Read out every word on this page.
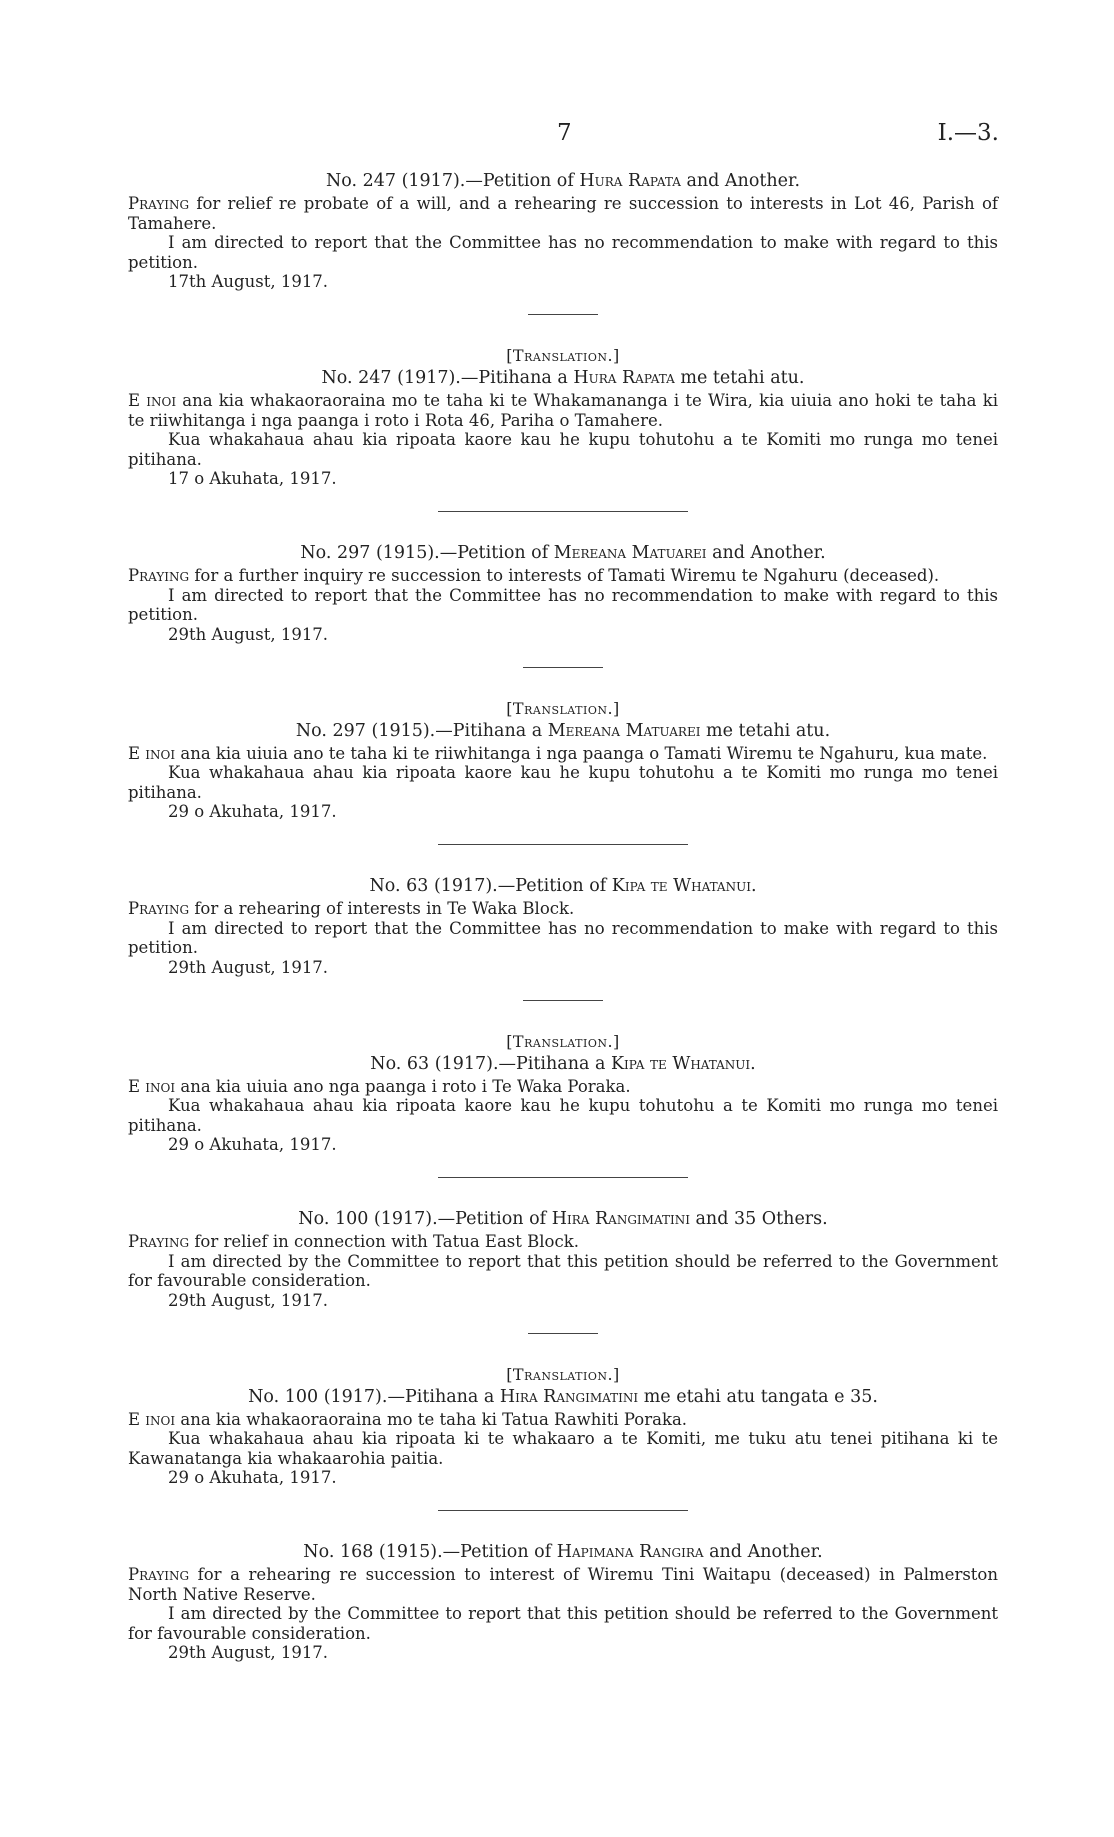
7	I.—3.

No. 247 (1917).—Petition of Hura Rapata and Another.

Praying for relief re probate of a will, and a rehearing re succession to interests in Lot 46, Parish of Tamahere.

I am directed to report that the Committee has no recommendation to make with regard to this petition.

17th August, 1917.

[Translation.]

No. 247 (1917).—Pitihana a Hura Rapata me tetahi atu.

E inoi ana kia whakaoraoraina mo te taha ki te Whakamananga i te Wira, kia uiuia ano hoki te taha ki te riiwhitanga i nga paanga i roto i Rota 46, Pariha o Tamahere.

Kua whakahaua ahau kia ripoata kaore kau he kupu tohutohu a te Komiti mo runga mo tenei pitihana.

17 o Akuhata, 1917.

No. 297 (1915).—Petition of Mereana Matuarei and Another.

Praying for a further inquiry re succession to interests of Tamati Wiremu te Ngahuru (deceased).

I am directed to report that the Committee has no recommendation to make with regard to this petition.

29th August, 1917.

[Translation.]

No. 297 (1915).—Pitihana a Mereana Matuarei me tetahi atu.

E inoi ana kia uiuia ano te taha ki te riiwhitanga i nga paanga o Tamati Wiremu te Ngahuru, kua mate.

Kua whakahaua ahau kia ripoata kaore kau he kupu tohutohu a te Komiti mo runga mo tenei pitihana.

29 o Akuhata, 1917.

No. 63 (1917).—Petition of Kipa te Whatanui.

Praying for a rehearing of interests in Te Waka Block.

I am directed to report that the Committee has no recommendation to make with regard to this petition.

29th August, 1917.

[Translation.]

No. 63 (1917).—Pitihana a Kipa te Whatanui.

E inoi ana kia uiuia ano nga paanga i roto i Te Waka Poraka.

Kua whakahaua ahau kia ripoata kaore kau he kupu tohutohu a te Komiti mo runga mo tenei pitihana.

29 o Akuhata, 1917.

No. 100 (1917).—Petition of Hira Rangimatini and 35 Others.

Praying for relief in connection with Tatua East Block.

I am directed by the Committee to report that this petition should be referred to the Government for favourable consideration.

29th August, 1917.

[Translation.]

No. 100 (1917).—Pitihana a Hira Rangimatini me etahi atu tangata e 35.

E inoi ana kia whakaoraoraina mo te taha ki Tatua Rawhiti Poraka.

Kua whakahaua ahau kia ripoata ki te whakaaro a te Komiti, me tuku atu tenei pitihana ki te Kawanatanga kia whakaarohia paitia.

29 o Akuhata, 1917.

No. 168 (1915).—Petition of Hapimana Rangira and Another.

Praying for a rehearing re succession to interest of Wiremu Tini Waitapu (deceased) in Palmerston North Native Reserve.

I am directed by the Committee to report that this petition should be referred to the Government for favourable consideration.

29th August, 1917.
